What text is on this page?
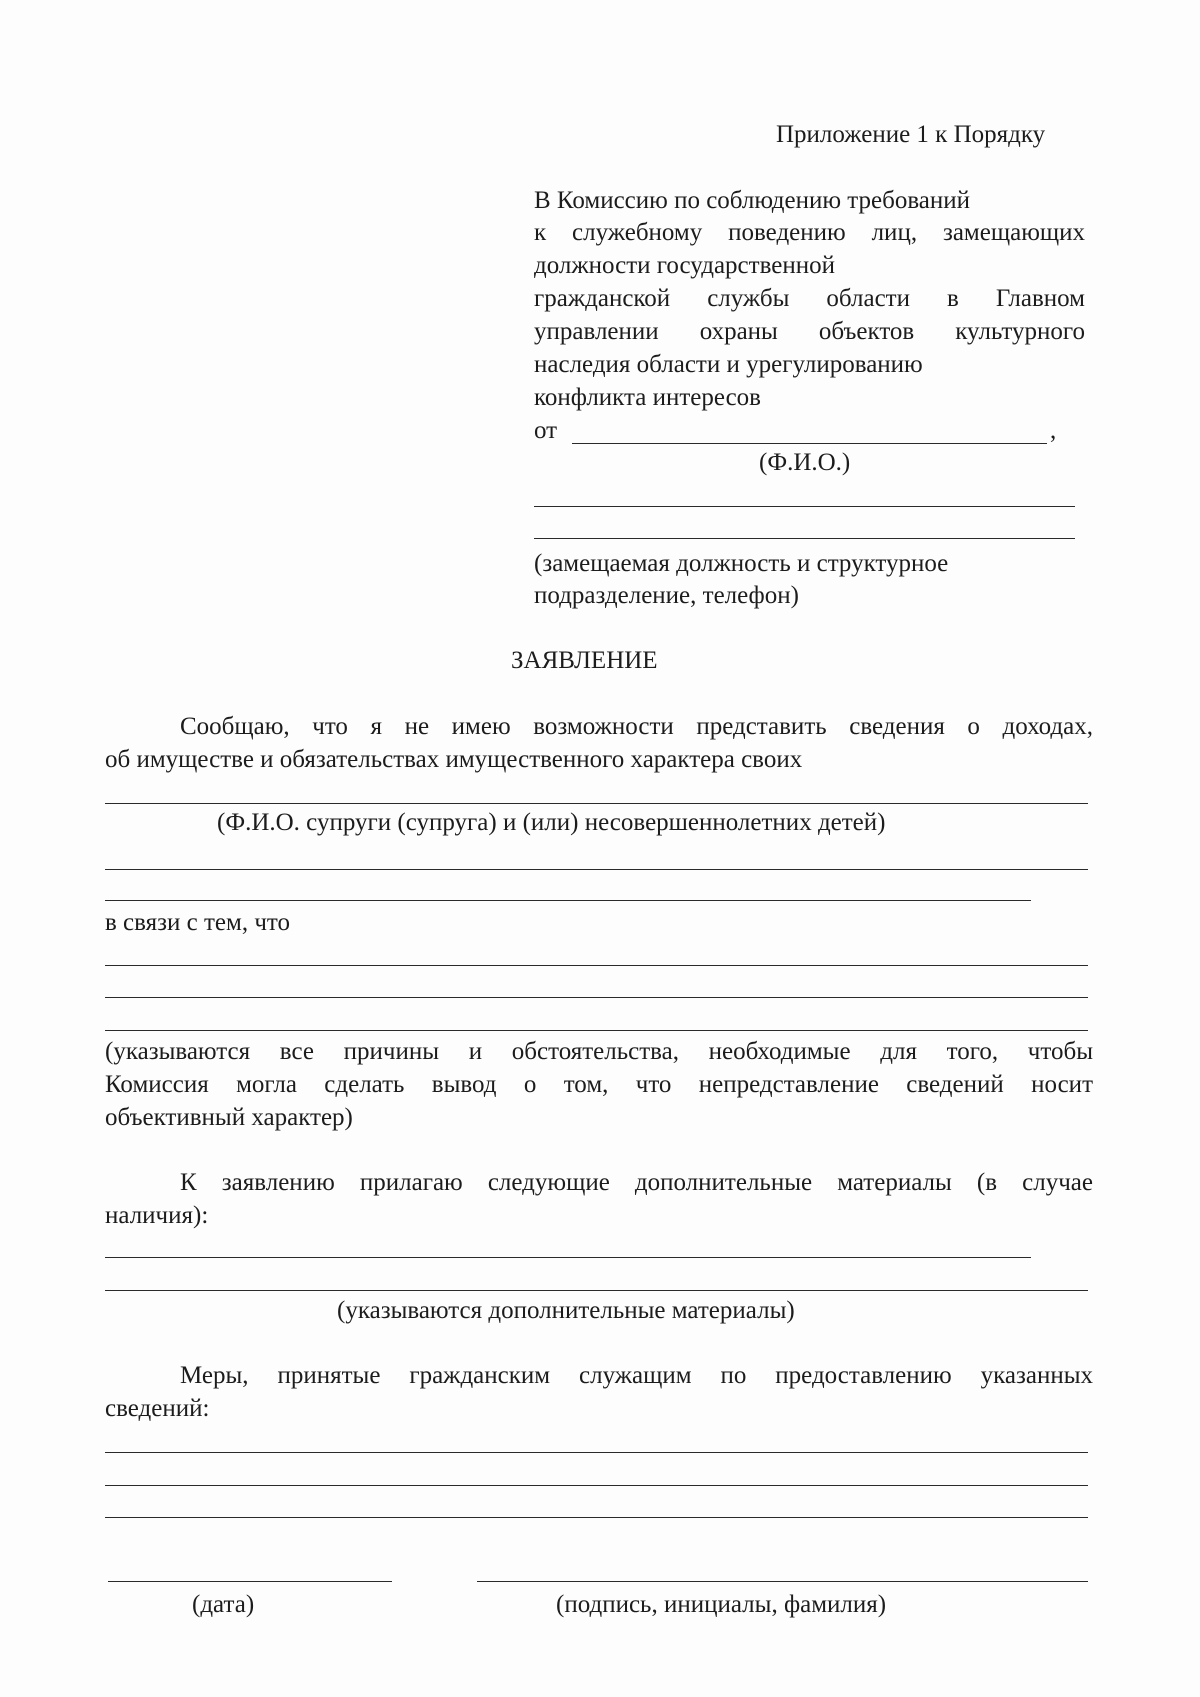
Приложение 1 к Порядку
В Комиссию по соблюдению требований
к служебному поведению лиц, замещающих
должности государственной
гражданской службы области в Главном
управлении охраны объектов культурного
наследия области и урегулированию
конфликта интересов
от	,
(Ф.И.О.)
(замещаемая должность и структурное
подразделение, телефон)
ЗАЯВЛЕНИЕ
Сообщаю, что я не имею возможности представить сведения о доходах,
об имуществе и обязательствах имущественного характера своих
(Ф.И.О. супруги (супруга) и (или) несовершеннолетних детей)
в связи с тем, что
(указываются все причины и обстоятельства, необходимые для того, чтобы
Комиссия могла сделать вывод о том, что непредставление сведений носит
объективный характер)
К заявлению прилагаю следующие дополнительные материалы (в случае
наличия):
(указываются дополнительные материалы)
Меры, принятые гражданским служащим по предоставлению указанных
сведений:
(дата)	(подпись, инициалы, фамилия)
